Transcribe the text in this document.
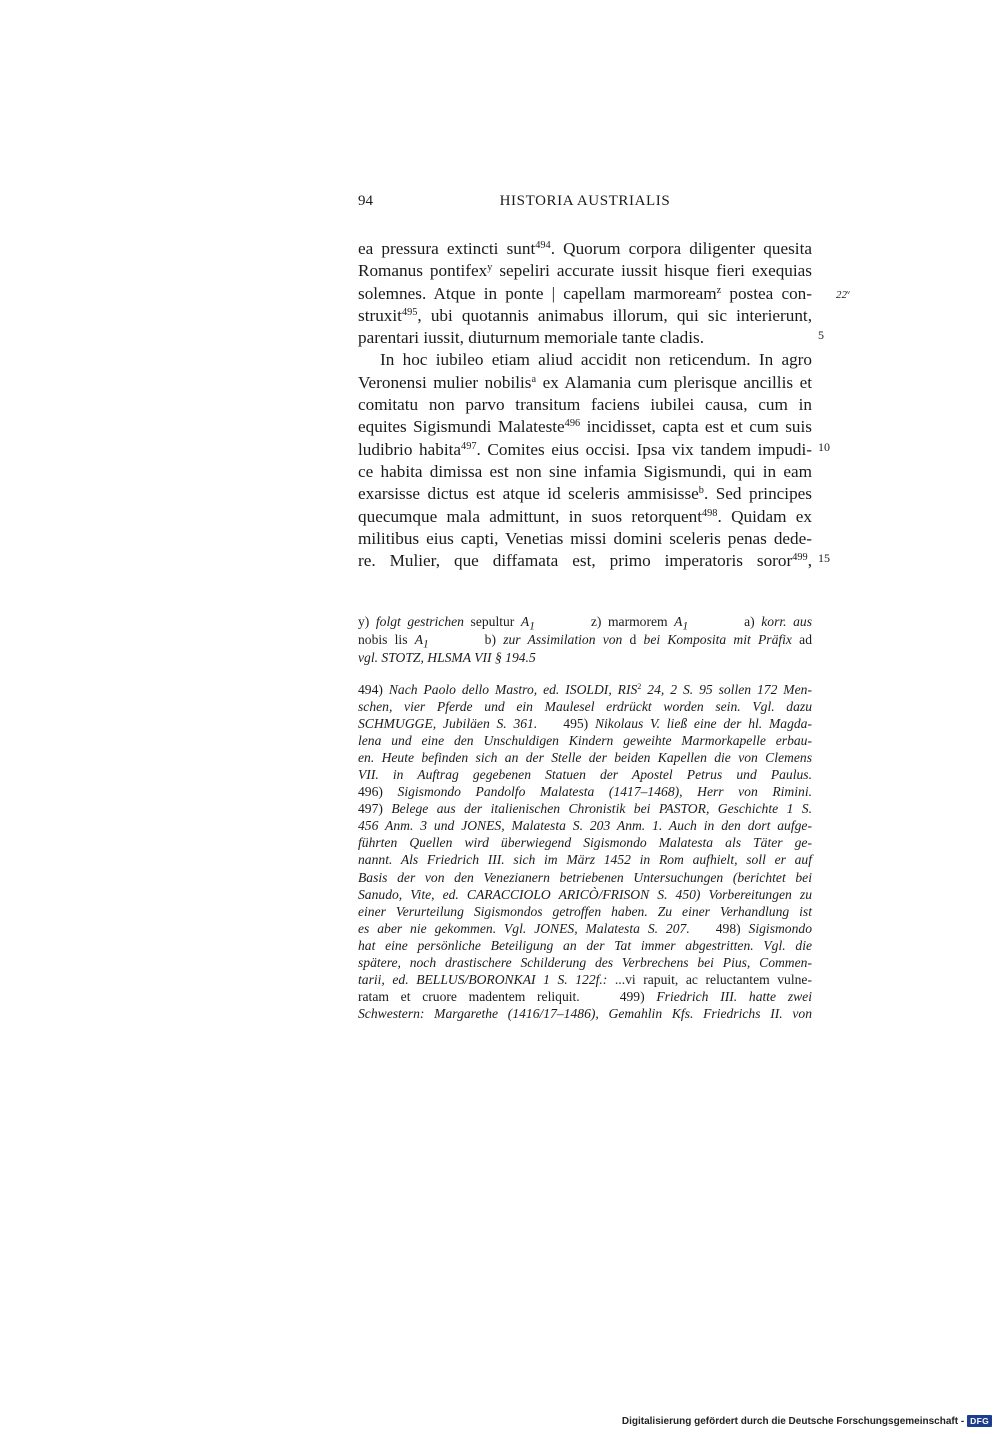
94	HISTORIA AUSTRIALIS
22$^v$
5
10
15
ea pressura extincti sunt$^{494}$. Quorum corpora diligenter quesita
Romanus pontifex$^y$ sepeliri accurate iussit hisque fieri exequias
solemnes. Atque in ponte | capellam marmoream$^z$ postea con-
struxit$^{495}$, ubi quotannis animabus illorum, qui sic interierunt,
parentari iussit, diuturnum memoriale tante cladis.
In hoc iubileo etiam aliud accidit non reticendum. In agro
Veronensi mulier nobilis$^a$ ex Alamania cum plerisque ancillis et
comitatu non parvo transitum faciens iubilei causa, cum in
equites Sigismundi Malateste$^{496}$ incidisset, capta est et cum suis
ludibrio habita$^{497}$. Comites eius occisi. Ipsa vix tandem impudi-
ce habita dimissa est non sine infamia Sigismundi, qui in eam
exarsisse dictus est atque id sceleris ammisisse$^b$. Sed principes
quecumque mala admittunt, in suos retorquent$^{498}$. Quidam ex
militibus eius capti, Venetias missi domini sceleris penas dede-
re. Mulier, que diffamata est, primo imperatoris soror$^{499}$,
y) folgt gestrichen sepultur $A_1$	z) marmorem $A_1$	a) korr. aus
nobis lis $A_1$	b) zur Assimilation von d bei Komposita mit Präfix ad
vgl. STOTZ, HLSMA VII § 194.5
494) Nach Paolo dello Mastro, ed. ISOLDI, RIS$^2$ 24, 2 S. 95 sollen 172 Men-
schen, vier Pferde und ein Maulesel erdrückt worden sein. Vgl. dazu
SCHMUGGE, Jubiläen S. 361. 495) Nikolaus V. ließ eine der hl. Magda-
lena und eine den Unschuldigen Kindern geweihte Marmorkapelle erbau-
en. Heute befinden sich an der Stelle der beiden Kapellen die von Clemens
VII. in Auftrag gegebenen Statuen der Apostel Petrus und Paulus.
496) Sigismondo Pandolfo Malatesta (1417–1468), Herr von Rimini.
497) Belege aus der italienischen Chronistik bei PASTOR, Geschichte 1 S.
456 Anm. 3 und JONES, Malatesta S. 203 Anm. 1. Auch in den dort aufge-
führten Quellen wird überwiegend Sigismondo Malatesta als Täter ge-
nannt. Als Friedrich III. sich im März 1452 in Rom aufhielt, soll er auf
Basis der von den Venezianern betriebenen Untersuchungen (berichtet bei
Sanudo, Vite, ed. CARACCIOLO ARICÒ/FRISON S. 450) Vorbereitungen zu
einer Verurteilung Sigismondos getroffen haben. Zu einer Verhandlung ist
es aber nie gekommen. Vgl. JONES, Malatesta S. 207. 498) Sigismondo
hat eine persönliche Beteiligung an der Tat immer abgestritten. Vgl. die
spätere, noch drastischere Schilderung des Verbrechens bei Pius, Commen-
tarii, ed. BELLUS/BORONKAI 1 S. 122f.: ...vi rapuit, ac reluctantem vulne-
ratam et cruore madentem reliquit.	499) Friedrich III. hatte zwei
Schwestern: Margarethe (1416/17–1486), Gemahlin Kfs. Friedrichs II. von
Digitalisierung gefördert durch die Deutsche Forschungsgemeinschaft - DFG
